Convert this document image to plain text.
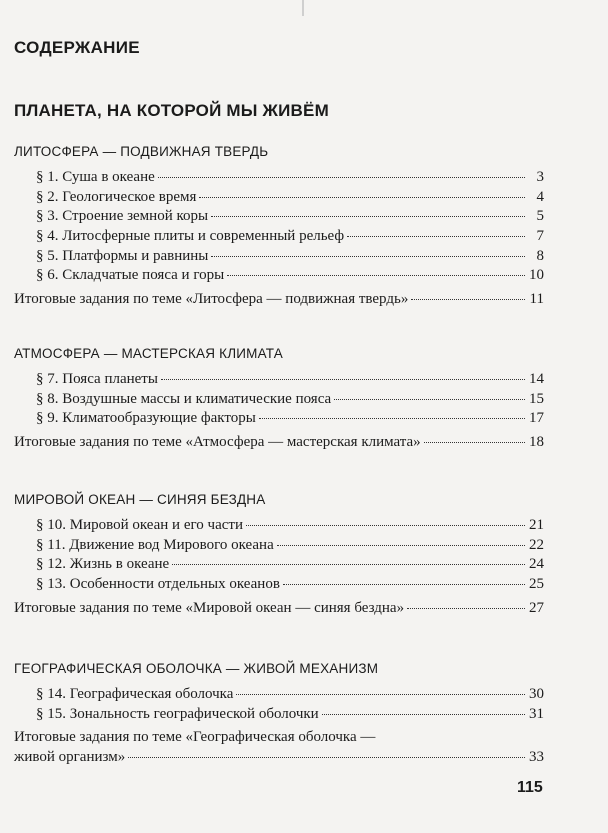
СОДЕРЖАНИЕ
ПЛАНЕТА, НА КОТОРОЙ МЫ ЖИВЁМ
ЛИТОСФЕРА — ПОДВИЖНАЯ ТВЕРДЬ
§ 1. Суша в океане	3
§ 2. Геологическое время	4
§ 3. Строение земной коры	5
§ 4. Литосферные плиты и современный рельеф	7
§ 5. Платформы и равнины	8
§ 6. Складчатые пояса и горы	10
Итоговые задания по теме «Литосфера — подвижная твердь»	11
АТМОСФЕРА — МАСТЕРСКАЯ КЛИМАТА
§ 7. Пояса планеты	14
§ 8. Воздушные массы и климатические пояса	15
§ 9. Климатообразующие факторы	17
Итоговые задания по теме «Атмосфера — мастерская климата»	18
МИРОВОЙ ОКЕАН — СИНЯЯ БЕЗДНА
§ 10. Мировой океан и его части	21
§ 11. Движение вод Мирового океана	22
§ 12. Жизнь в океане	24
§ 13. Особенности отдельных океанов	25
Итоговые задания по теме «Мировой океан — синяя бездна»	27
ГЕОГРАФИЧЕСКАЯ ОБОЛОЧКА — ЖИВОЙ МЕХАНИЗМ
§ 14. Географическая оболочка	30
§ 15. Зональность географической оболочки	31
Итоговые задания по теме «Географическая оболочка —
живой организм»	33
115
